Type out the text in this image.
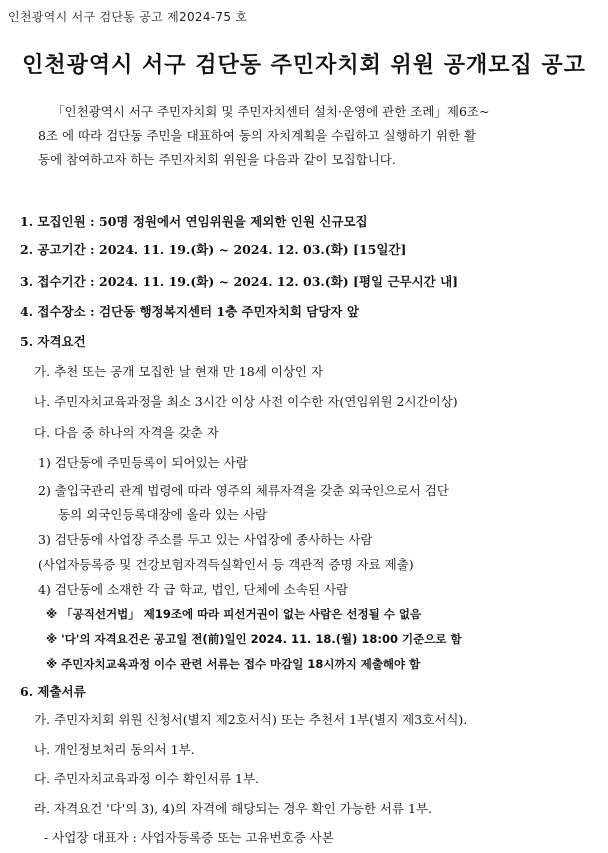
인천광역시 서구 검단동 공고 제2024-75 호
인천광역시 서구 검단동 주민자치회 위원 공개모집 공고

「인천광역시 서구 주민자치회 및 주민자치센터 설치·운영에 관한 조례」제6조~

8조 에 따라 검단동 주민을 대표하여 동의 자치계획을 수립하고 실행하기 위한 활

동에 참여하고자 하는 주민자치회 위원을 다음과 같이 모집합니다.

1. 모집인원 : 50명 정원에서 연임위원을 제외한 인원 신규모집
2. 공고기간 : 2024. 11. 19.(화) ~ 2024. 12. 03.(화) [15일간]
3. 접수기간 : 2024. 11. 19.(화) ~ 2024. 12. 03.(화) [평일 근무시간 내]
4. 접수장소 : 검단동 행정복지센터 1층 주민자치회 담당자 앞
5. 자격요건
가. 추천 또는 공개 모집한 날 현재 만 18세 이상인 자
나. 주민자치교육과정을 최소 3시간 이상 사전 이수한 자(연임위원 2시간이상)
다. 다음 중 하나의 자격을 갖춘 자
1) 검단동에 주민등록이 되어있는 사람
2) 출입국관리 관계 법령에 따라 영주의 체류자격을 갖춘 외국인으로서 검단
동의 외국인등록대장에 올라 있는 사람
3) 검단동에 사업장 주소를 두고 있는 사업장에 종사하는 사람
(사업자등록증 및 건강보험자격득실확인서 등 객관적 증명 자료 제출)
4) 검단동에 소재한 각 급 학교, 법인, 단체에 소속된 사람
※ 「공직선거법」 제19조에 따라 피선거권이 없는 사람은 선정될 수 없음
※ '다'의 자격요건은 공고일 전(前)일인 2024. 11. 18.(월) 18:00 기준으로 함
※ 주민자치교육과정 이수 관련 서류는 접수 마감일 18시까지 제출해야 함
6. 제출서류
가. 주민자치회 위원 신청서(별지 제2호서식) 또는 추천서 1부(별지 제3호서식).
나. 개인정보처리 동의서 1부.
다. 주민자치교육과정 이수 확인서류 1부.
라. 자격요건 '다'의 3), 4)의 자격에 해당되는 경우 확인 가능한 서류 1부.
- 사업장 대표자 : 사업자등록증 또는 고유번호증 사본
